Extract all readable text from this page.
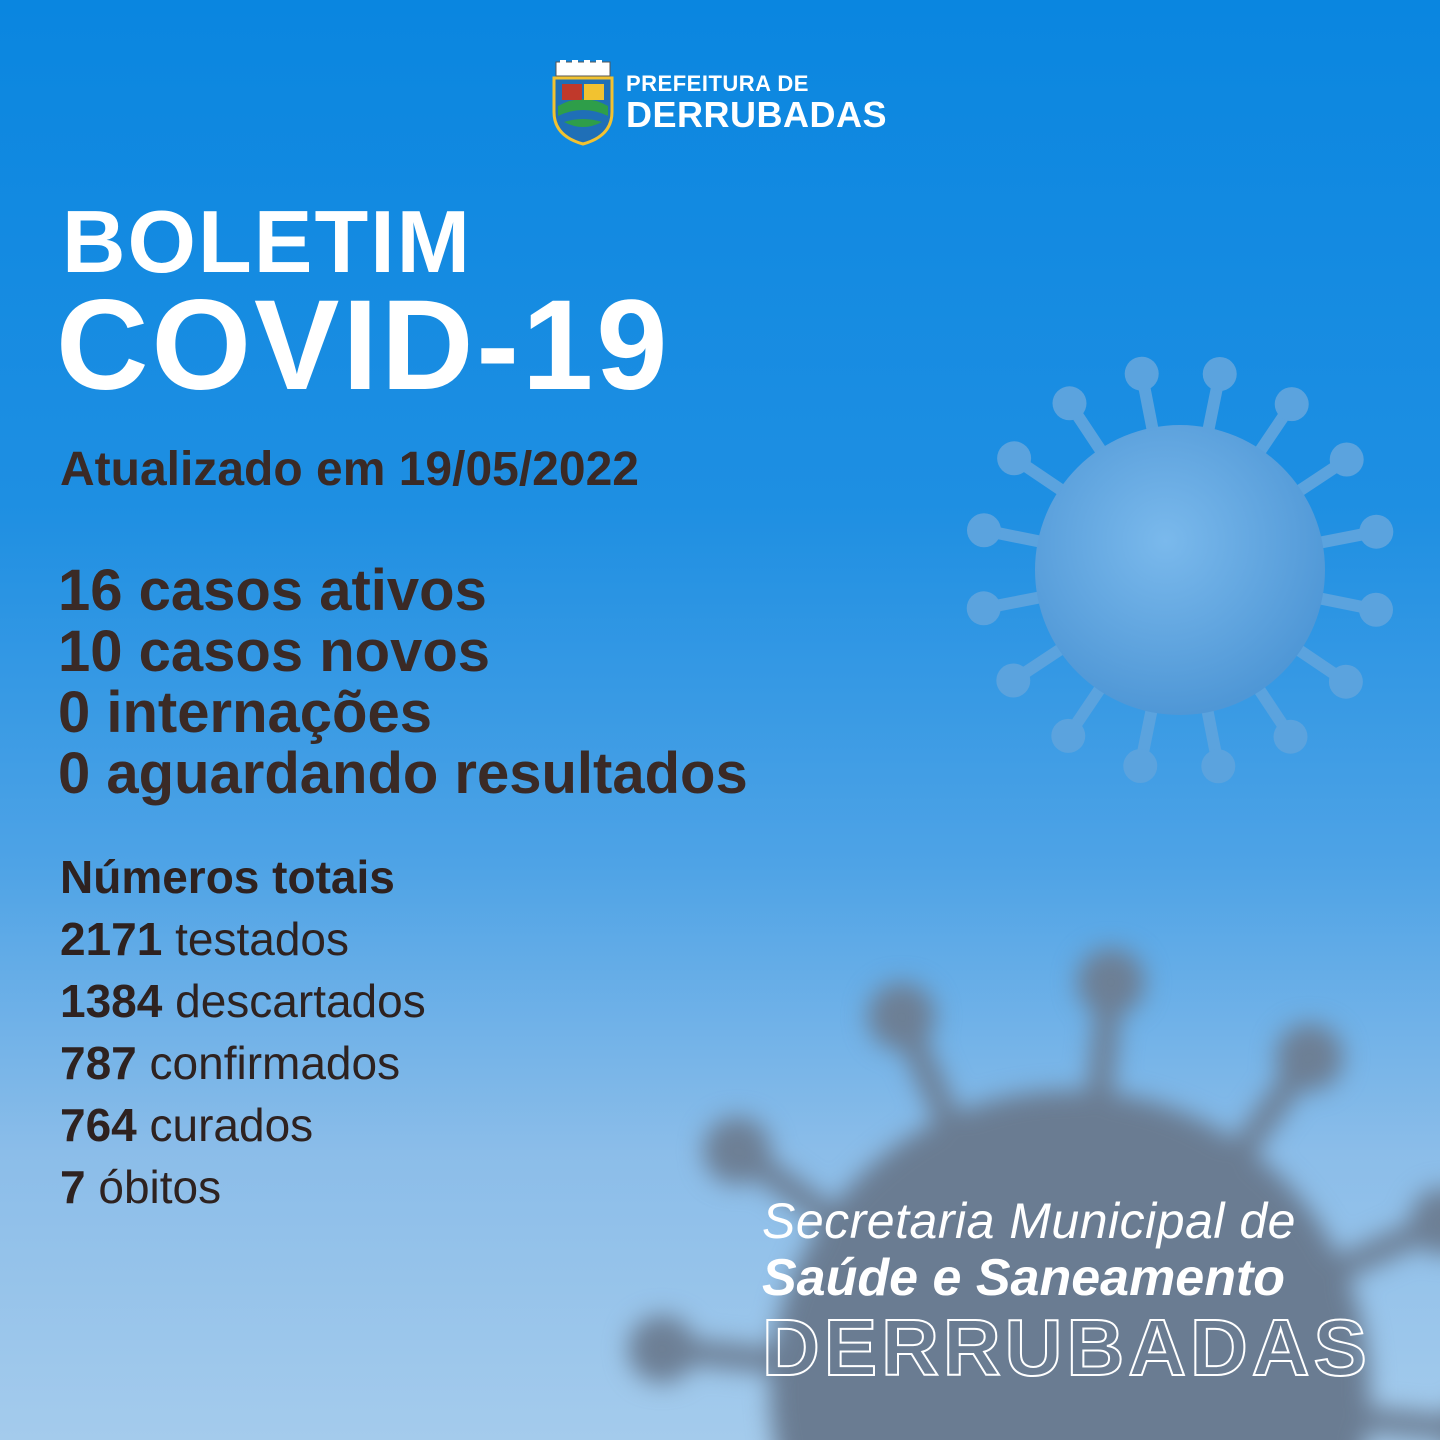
PREFEITURA DE
DERRUBADAS
BOLETIM
COVID-19
Atualizado em 19/05/2022
16 casos ativos
10 casos novos
0 internações
0 aguardando resultados
Números totais
2171 testados
1384 descartados
787 confirmados
764 curados
7 óbitos
Secretaria Municipal de
Saúde e Saneamento
DERRUBADAS
